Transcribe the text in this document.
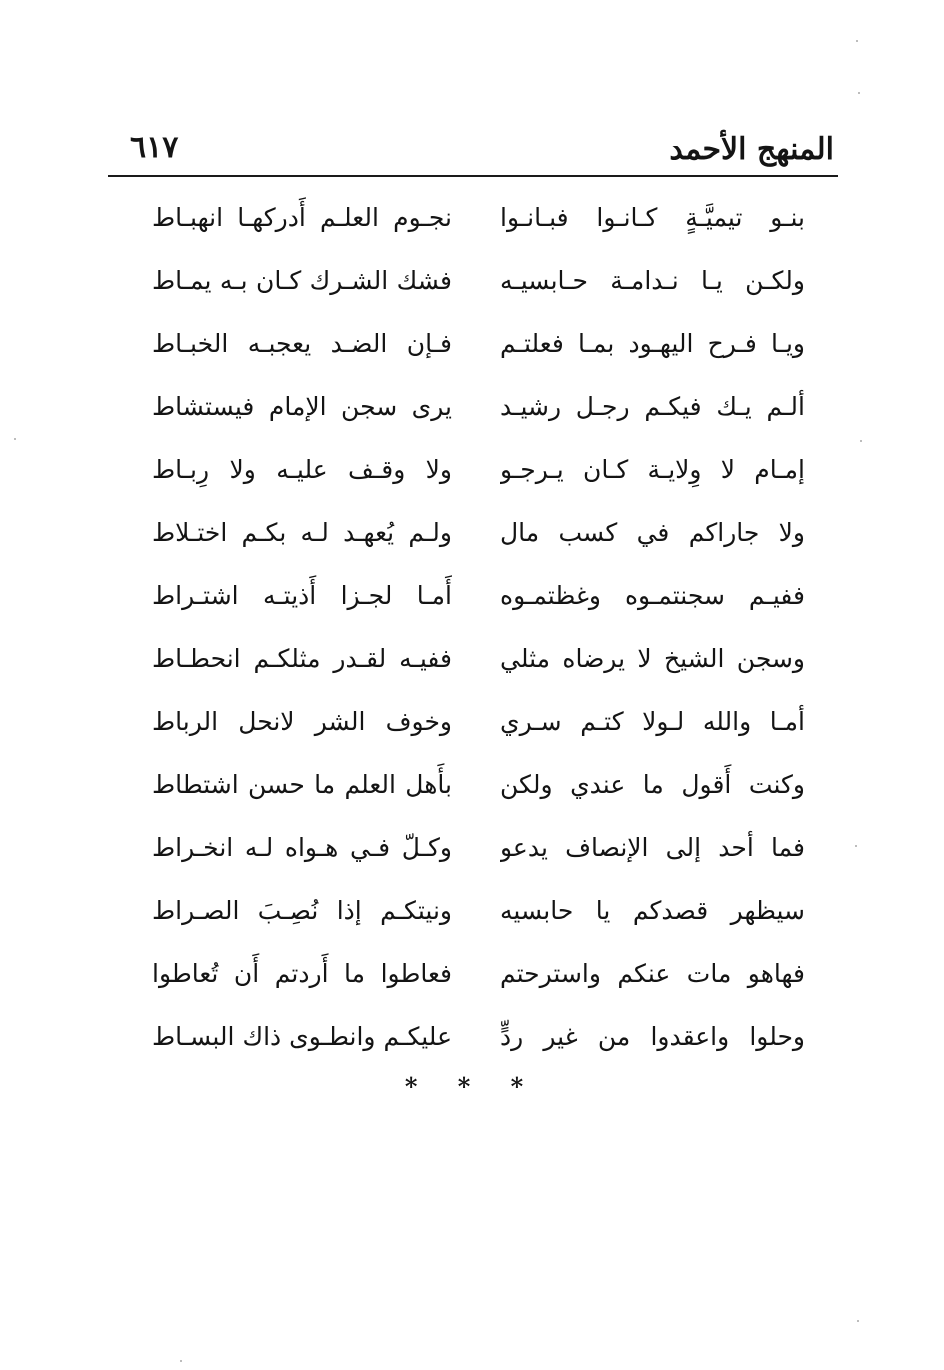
المنهج الأحمد
٦١٧
بنـو تيميَّـةٍ كـانـوا فبـانـوا
نجـوم العلـم أَدركهـا انهبـاط
ولكـن يـا نـدامـة حـابسيـه
فشك الشـرك كـان بـه يمـاط
ويـا فـرح اليهـود بمـا فعلتـم
فـإن الضـد يعجبـه الخبـاط
ألـم يـك فيكـم رجـل رشيـد
يرى سجن الإمام فيستشاط
إمـام لا وِلايـة كـان يـرجـو
ولا وقـف عليـه ولا رِبـاط
ولا جاراكم في كسب مال
ولـم يُعهـد لـه بكـم اختـلاط
ففيـم سجنتمـوه وغظتمـوه
أَمـا لجـزا أَذيتـه اشتـراط
وسجن الشيخ لا يرضاه مثلي
ففيـه لقـدر مثلكـم انحطـاط
أمـا والله لـولا كتـم سـري
وخوف الشر لانحل الرباط
وكنت أَقول ما عندي ولكن
بأَهل العلم ما حسن اشتطاط
فما أحد إلى الإنصاف يدعو
وكـلّ فـي هـواه لـه انخـراط
سيظهر قصدكم يا حابسيه
ونيتكـم إذا نُصِـبَ الصـراط
فهاهو مات عنكم واسترحتم
فعاطوا ما أَردتم أَن تُعاطوا
وحلوا واعقدوا من غير ردٍّ
عليكـم وانطـوى ذاك البسـاط
* * *
